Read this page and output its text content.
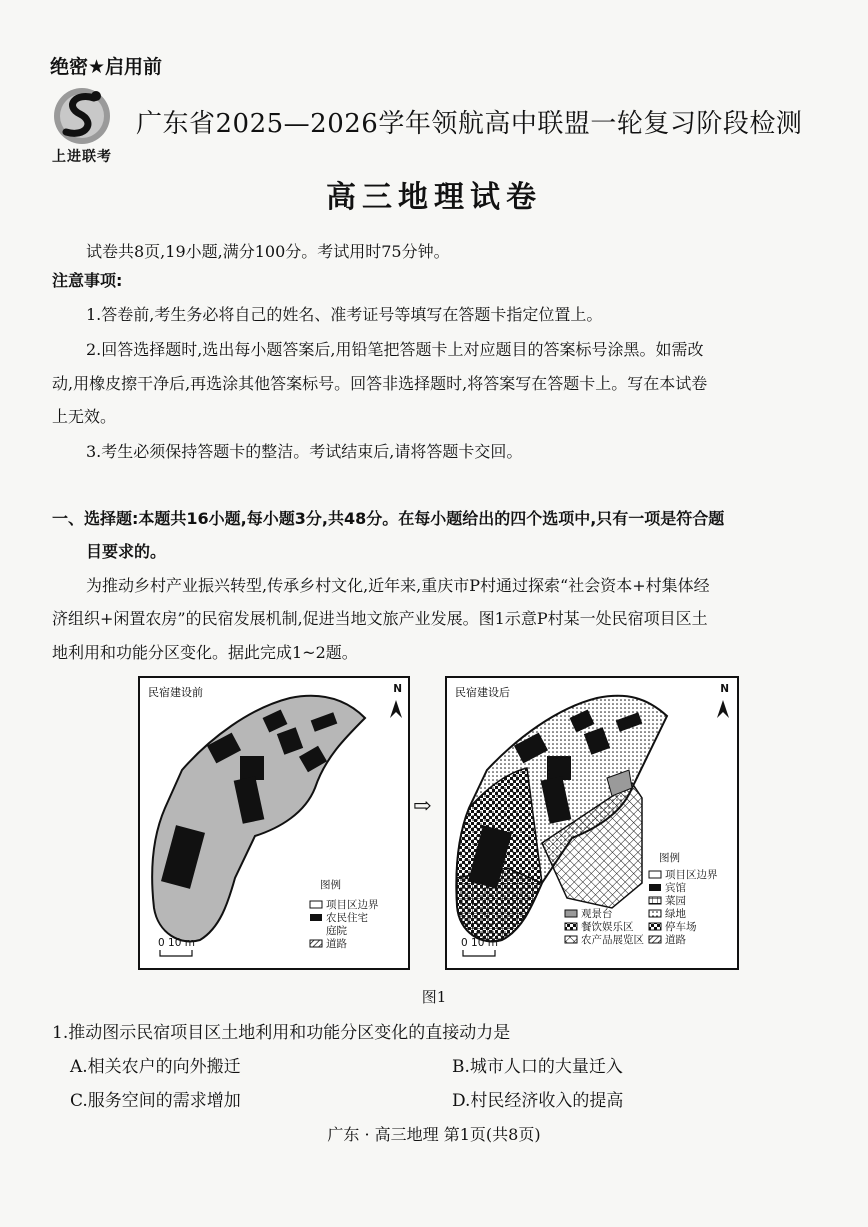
绝密★启用前
上进联考
广东省2025—2026学年领航高中联盟一轮复习阶段检测
高三地理试卷
试卷共8页,19小题,满分100分。考试用时75分钟。
注意事项:
1.答卷前,考生务必将自己的姓名、准考证号等填写在答题卡指定位置上。
2.回答选择题时,选出每小题答案后,用铅笔把答题卡上对应题目的答案标号涂黑。如需改
动,用橡皮擦干净后,再选涂其他答案标号。回答非选择题时,将答案写在答题卡上。写在本试卷
上无效。
3.考生必须保持答题卡的整洁。考试结束后,请将答题卡交回。
一、选择题:本题共16小题,每小题3分,共48分。在每小题给出的四个选项中,只有一项是符合题
目要求的。
为推动乡村产业振兴转型,传承乡村文化,近年来,重庆市P村通过探索“社会资本+村集体经
济组织+闲置农房”的民宿发展机制,促进当地文旅产业发展。图1示意P村某一处民宿项目区土
地利用和功能分区变化。据此完成1~2题。
民宿建设前	N
图例
项目区边界
农民住宅
庭院
道路
0 10 m
⇨
民宿建设后	N
图例
项目区边界
宾馆
菜园
绿地
停车场
道路
观景台
餐饮娱乐区
农产品展览区
0 10 m
图1
1.推动图示民宿项目区土地利用和功能分区变化的直接动力是
A.相关农户的向外搬迁	B.城市人口的大量迁入
C.服务空间的需求增加	D.村民经济收入的提高
广东 · 高三地理 第1页(共8页)
